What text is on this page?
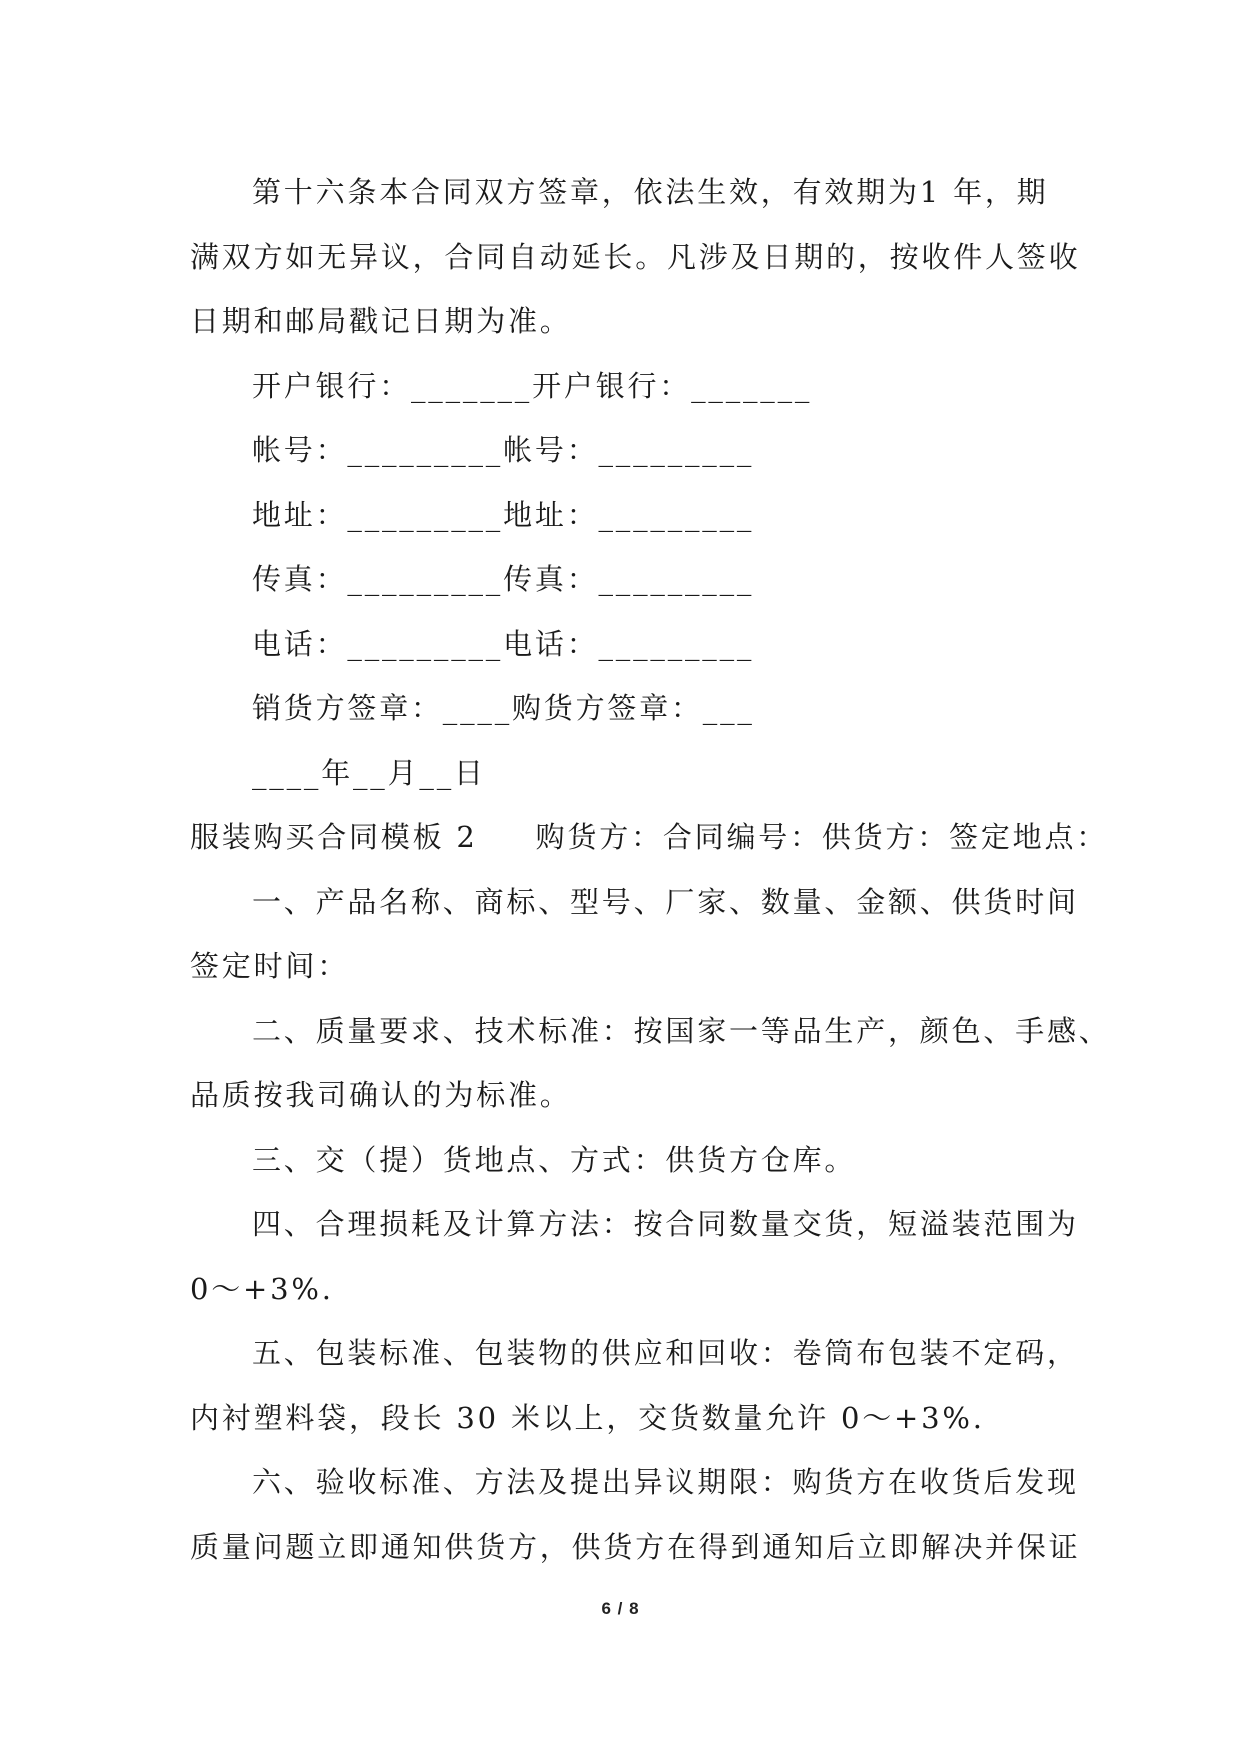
第十六条本合同双方签章，依法生效，有效期为1 年，期
满双方如无异议，合同自动延长。凡涉及日期的，按收件人签收
日期和邮局戳记日期为准。
开户银行：_______开户银行：_______
帐号：_________帐号：_________
地址：_________地址：_________
传真：_________传真：_________
电话：_________电话：_________
销货方签章：____购货方签章：___
____年__月__日
服装购买合同模板 2 购货方：合同编号：供货方：签定地点：
一、产品名称、商标、型号、厂家、数量、金额、供货时间
签定时间：
二、质量要求、技术标准：按国家一等品生产，颜色、手感、
品质按我司确认的为标准。
三、交（提）货地点、方式：供货方仓库。
四、合理损耗及计算方法：按合同数量交货，短溢装范围为
0～+3%.
五、包装标准、包装物的供应和回收：卷筒布包装不定码，
内衬塑料袋，段长 30 米以上，交货数量允许 0～+3%.
六、验收标准、方法及提出异议期限：购货方在收货后发现
质量问题立即通知供货方，供货方在得到通知后立即解决并保证
6 / 8
